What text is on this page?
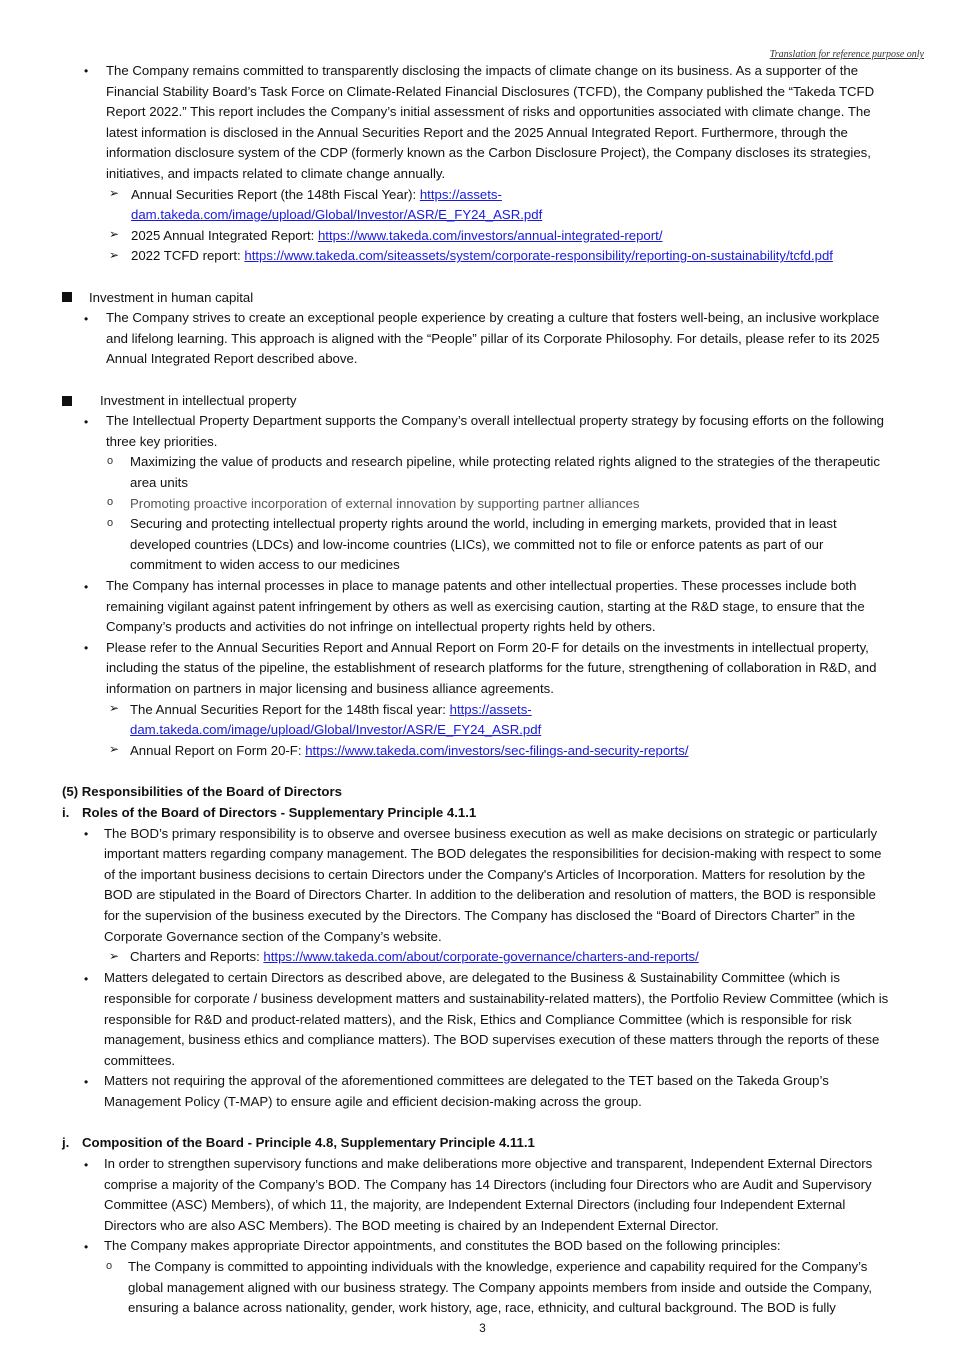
Translation for reference purpose only
• The Company remains committed to transparently disclosing the impacts of climate change on its business. As a supporter of the
Financial Stability Board’s Task Force on Climate-Related Financial Disclosures (TCFD), the Company published the “Takeda TCFD
Report 2022.” This report includes the Company’s initial assessment of risks and opportunities associated with climate change. The
latest information is disclosed in the Annual Securities Report and the 2025 Annual Integrated Report. Furthermore, through the
information disclosure system of the CDP (formerly known as the Carbon Disclosure Project), the Company discloses its strategies,
initiatives, and impacts related to climate change annually.
➢ Annual Securities Report (the 148th Fiscal Year): https://assets-
dam.takeda.com/image/upload/Global/Investor/ASR/E_FY24_ASR.pdf
➢ 2025 Annual Integrated Report: https://www.takeda.com/investors/annual-integrated-report/
➢ 2022 TCFD report: https://www.takeda.com/siteassets/system/corporate-responsibility/reporting-on-sustainability/tcfd.pdf
Investment in human capital
• The Company strives to create an exceptional people experience by creating a culture that fosters well-being, an inclusive workplace
and lifelong learning. This approach is aligned with the “People” pillar of its Corporate Philosophy. For details, please refer to its 2025
Annual Integrated Report described above.
Investment in intellectual property
• The Intellectual Property Department supports the Company’s overall intellectual property strategy by focusing efforts on the following
three key priorities.
o Maximizing the value of products and research pipeline, while protecting related rights aligned to the strategies of the therapeutic
area units
o Promoting proactive incorporation of external innovation by supporting partner alliances
o Securing and protecting intellectual property rights around the world, including in emerging markets, provided that in least
developed countries (LDCs) and low-income countries (LICs), we committed not to file or enforce patents as part of our
commitment to widen access to our medicines
• The Company has internal processes in place to manage patents and other intellectual properties. These processes include both
remaining vigilant against patent infringement by others as well as exercising caution, starting at the R&D stage, to ensure that the
Company’s products and activities do not infringe on intellectual property rights held by others.
• Please refer to the Annual Securities Report and Annual Report on Form 20-F for details on the investments in intellectual property,
including the status of the pipeline, the establishment of research platforms for the future, strengthening of collaboration in R&D, and
information on partners in major licensing and business alliance agreements.
➢ The Annual Securities Report for the 148th fiscal year: https://assets-
dam.takeda.com/image/upload/Global/Investor/ASR/E_FY24_ASR.pdf
➢ Annual Report on Form 20-F: https://www.takeda.com/investors/sec-filings-and-security-reports/
(5) Responsibilities of the Board of Directors
i. Roles of the Board of Directors - Supplementary Principle 4.1.1
• The BOD’s primary responsibility is to observe and oversee business execution as well as make decisions on strategic or particularly
important matters regarding company management. The BOD delegates the responsibilities for decision-making with respect to some
of the important business decisions to certain Directors under the Company's Articles of Incorporation. Matters for resolution by the
BOD are stipulated in the Board of Directors Charter. In addition to the deliberation and resolution of matters, the BOD is responsible
for the supervision of the business executed by the Directors. The Company has disclosed the “Board of Directors Charter” in the
Corporate Governance section of the Company’s website.
➢ Charters and Reports: https://www.takeda.com/about/corporate-governance/charters-and-reports/
• Matters delegated to certain Directors as described above, are delegated to the Business & Sustainability Committee (which is
responsible for corporate / business development matters and sustainability-related matters), the Portfolio Review Committee (which is
responsible for R&D and product-related matters), and the Risk, Ethics and Compliance Committee (which is responsible for risk
management, business ethics and compliance matters). The BOD supervises execution of these matters through the reports of these
committees.
• Matters not requiring the approval of the aforementioned committees are delegated to the TET based on the Takeda Group’s
Management Policy (T-MAP) to ensure agile and efficient decision-making across the group.
j. Composition of the Board - Principle 4.8, Supplementary Principle 4.11.1
• In order to strengthen supervisory functions and make deliberations more objective and transparent, Independent External Directors
comprise a majority of the Company’s BOD. The Company has 14 Directors (including four Directors who are Audit and Supervisory
Committee (ASC) Members), of which 11, the majority, are Independent External Directors (including four Independent External
Directors who are also ASC Members). The BOD meeting is chaired by an Independent External Director.
• The Company makes appropriate Director appointments, and constitutes the BOD based on the following principles:
o The Company is committed to appointing individuals with the knowledge, experience and capability required for the Company’s
global management aligned with our business strategy. The Company appoints members from inside and outside the Company,
ensuring a balance across nationality, gender, work history, age, race, ethnicity, and cultural background. The BOD is fully
3
